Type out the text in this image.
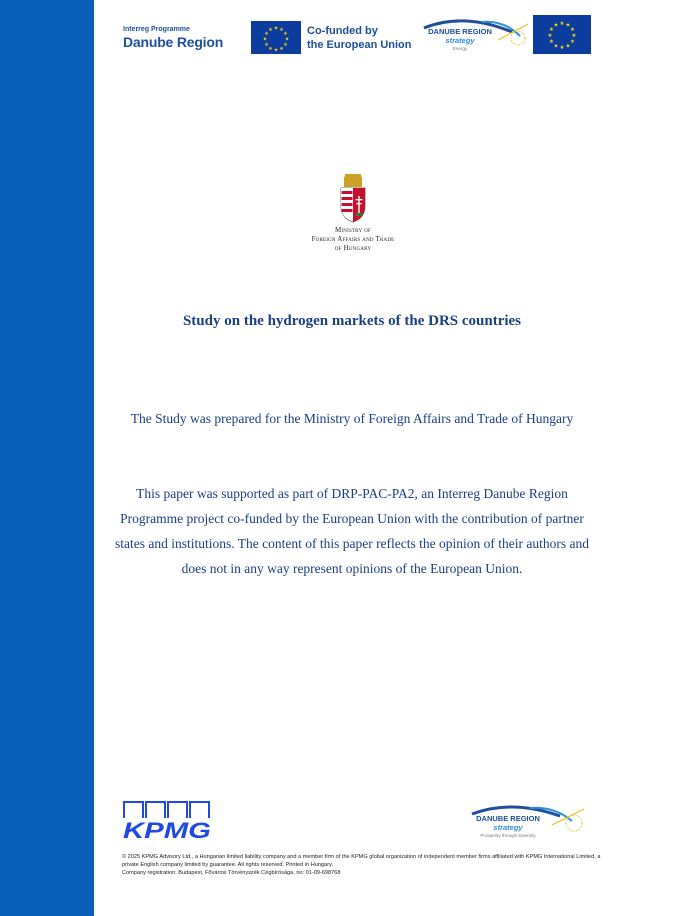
Interreg Programme
Danube Region
★ ★
★
★
★
★
★
★
★
★
★
★	Co-funded by
the European Union
DANUBE REGION
strategy
Energy
★ ★
★
★
★
★
★
★
★
★
★
★
Ministry of
Foreign Affairs and Trade
of Hungary
Study on the hydrogen markets of the DRS countries
The Study was prepared for the Ministry of Foreign Affairs and Trade of Hungary
This paper was supported as part of DRP-PAC-PA2, an Interreg Danube Region Programme project co-funded by the European Union with the contribution of partner states and institutions. The content of this paper reflects the opinion of their authors and does not in any way represent opinions of the European Union.
KPMG	DANUBE REGION
strategy
Prosperity through Diversity
© 2025 KPMG Advisory Ltd., a Hungarian limited liability company and a member firm of the KPMG global organization of independent member firms affiliated with KPMG International Limited, a private English company limited by guarantee. All rights reserved. Printed in Hungary.
Company registration: Budapest, Fővárosi Törvényszék Cégbírósága, no: 01-09-698768
